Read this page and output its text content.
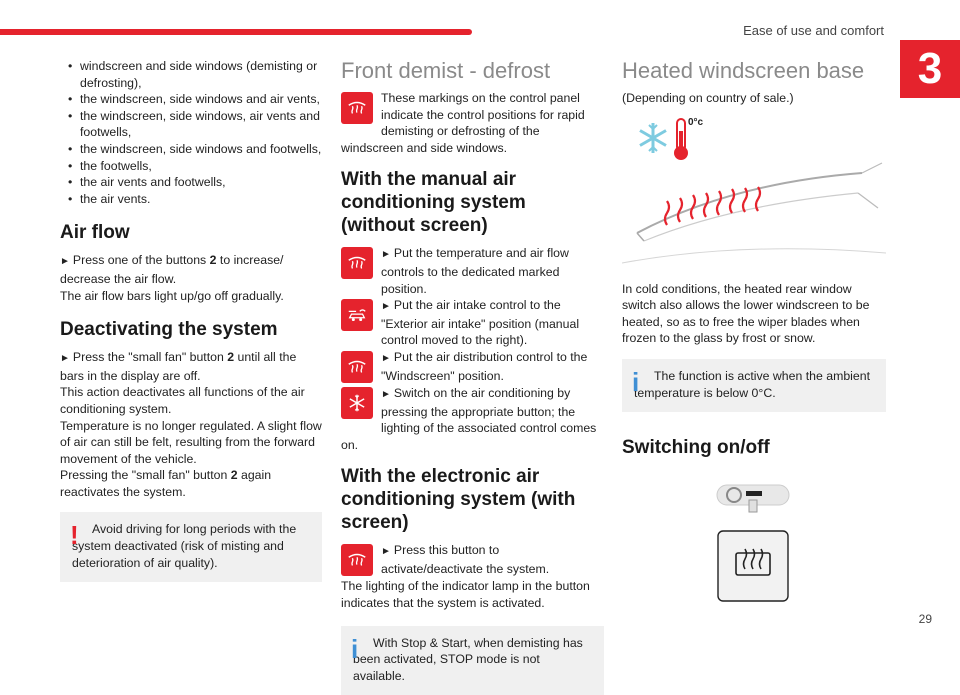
Ease of use and comfort
3
29
• windscreen and side windows (demisting or defrosting),
• the windscreen, side windows and air vents,
• the windscreen, side windows, air vents and footwells,
• the windscreen, side windows and footwells,
• the footwells,
• the air vents and footwells,
• the air vents.
Air flow

► Press one of the buttons 2 to increase/ decrease the air flow.

The air flow bars light up/go off gradually.

Deactivating the system

► Press the "small fan" button 2 until all the bars in the display are off.

This action deactivates all functions of the air conditioning system.

Temperature is no longer regulated. A slight flow of air can still be felt, resulting from the forward movement of the vehicle.

Pressing the "small fan" button 2 again reactivates the system.

!	Avoid driving for long periods with the system deactivated (risk of misting and deterioration of air quality).
Front demist - defrost

These markings on the control panel indicate the control positions for rapid demisting or defrosting of the windscreen and side windows.

With the manual air conditioning system (without screen)

► Put the temperature and air flow controls to the dedicated marked position.

► Put the air intake control to the "Exterior air intake" position (manual control moved to the right).

► Put the air distribution control to the "Windscreen" position.

► Switch on the air conditioning by pressing the appropriate button; the lighting of the associated control comes on.

With the electronic air conditioning system (with screen)

► Press this button to activate/deactivate the system.

The lighting of the indicator lamp in the button indicates that the system is activated.

i	With Stop & Start, when demisting has been activated, STOP mode is not available.
Heated windscreen base

(Depending on country of sale.)

0°c

In cold conditions, the heated rear window switch also allows the lower windscreen to be heated, so as to free the wiper blades when frozen to the glass by frost or snow.

i	The function is active when the ambient temperature is below 0°C.
Switching on/off
